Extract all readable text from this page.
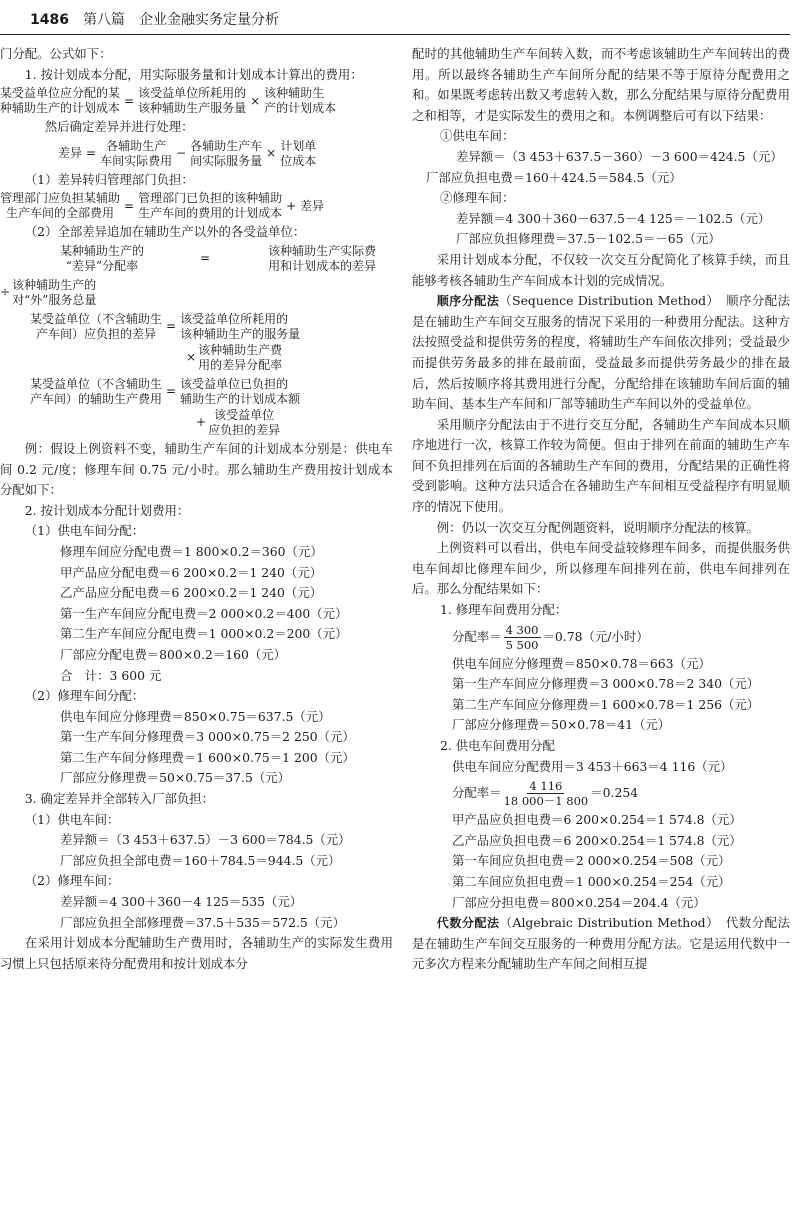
1486 第八篇 企业金融实务定量分析

门分配。公式如下：

1. 按计划成本分配，用实际服务量和计划成本计算出的费用：

某受益单位应分配的某
种辅助生产的计划成本
=
该受益单位所耗用的
该种辅助生产服务量
×
该种辅助生
产的计划成本

然后确定差异并进行处理：

差异 =
各辅助生产
车间实际费用
−
各辅助生产车
间实际服务量
×
计划单
位成本

（1）差异转归管理部门负担：

管理部门应负担某辅助
生产车间的全部费用
=
管理部门已负担的该种辅助
生产车间的费用的计划成本
+ 差异

（2）全部差异追加在辅助生产以外的各受益单位：

某种辅助生产的
“差异”分配率
=
该种辅助生产实际费
用和计划成本的差异
÷
该种辅助生产的
对“外”服务总量
某受益单位（不含辅助生
产车间）应负担的差异
=
该受益单位所耗用的
该种辅助生产的服务量
×
该种辅助生产费
用的差异分配率
某受益单位（不含辅助生
产车间）的辅助生产费用
=
该受益单位已负担的
辅助生产的计划成本额
+
该受益单位
应负担的差异

例：假设上例资料不变，辅助生产车间的计划成本分别是：供电车间 0.2 元/度；修理车间 0.75 元/小时。那么辅助生产费用按计划成本分配如下：

2. 按计划成本分配计划费用：

（1）供电车间分配：

修理车间应分配电费＝1 800×0.2＝360（元）

甲产品应分配电费＝6 200×0.2＝1 240（元）

乙产品应分配电费＝6 200×0.2＝1 240（元）

第一生产车间应分配电费＝2 000×0.2＝400（元）

第二生产车间应分配电费＝1 000×0.2＝200（元）

厂部应分配电费＝800×0.2＝160（元）

合　计：3 600 元

（2）修理车间分配：

供电车间应分修理费＝850×0.75＝637.5（元）

第一生产车间分修理费＝3 000×0.75＝2 250（元）

第二生产车间分修理费＝1 600×0.75＝1 200（元）

厂部应分修理费＝50×0.75＝37.5（元）

3. 确定差异并全部转入厂部负担：

（1）供电车间：

差异额＝（3 453＋637.5）－3 600＝784.5（元）

厂部应负担全部电费＝160＋784.5＝944.5（元）

（2）修理车间：

差异额＝4 300＋360－4 125＝535（元）

厂部应负担全部修理费＝37.5＋535＝572.5（元）

在采用计划成本分配辅助生产费用时，各辅助生产的实际发生费用习惯上只包括原来待分配费用和按计划成本分

配时的其他辅助生产车间转入数，而不考虑该辅助生产车间转出的费用。所以最终各辅助生产车间所分配的结果不等于原待分配费用之和。如果既考虑转出数又考虑转入数，那么分配结果与原待分配费用之和相等，才是实际发生的费用之和。本例调整后可有以下结果：

①供电车间：

差异额＝（3 453＋637.5－360）－3 600＝424.5（元）

厂部应负担电费＝160＋424.5＝584.5（元）

②修理车间：

差异额＝4 300＋360－637.5－4 125＝－102.5（元）

厂部应负担修理费＝37.5－102.5＝－65（元）

采用计划成本分配，不仅较一次交互分配简化了核算手续，而且能够考核各辅助生产车间成本计划的完成情况。

顺序分配法（Sequence Distribution Method）　顺序分配法是在辅助生产车间交互服务的情况下采用的一种费用分配法。这种方法按照受益和提供劳务的程度，将辅助生产车间依次排列；受益最少而提供劳务最多的排在最前面，受益最多而提供劳务最少的排在最后，然后按顺序将其费用进行分配，分配给排在该辅助车间后面的辅助车间、基本生产车间和厂部等辅助生产车间以外的受益单位。

采用顺序分配法由于不进行交互分配，各辅助生产车间成本只顺序地进行一次，核算工作较为简便。但由于排列在前面的辅助生产车间不负担排列在后面的各辅助生产车间的费用，分配结果的正确性将受到影响。这种方法只适合在各辅助生产车间相互受益程序有明显顺序的情况下使用。

例：仍以一次交互分配例题资料，说明顺序分配法的核算。

上例资料可以看出，供电车间受益较修理车间多，而提供服务供电车间却比修理车间少，所以修理车间排列在前，供电车间排列在后。那么分配结果如下：

1. 修理车间费用分配：

分配率＝ 4 300
5 500
＝0.78（元/小时）

供电车间应分修理费＝850×0.78＝663（元）

第一生产车间应分修理费＝3 000×0.78＝2 340（元）

第二生产车间应分修理费＝1 600×0.78＝1 256（元）

厂部应分修理费＝50×0.78＝41（元）

2. 供电车间费用分配

供电车间应分配费用＝3 453＋663＝4 116（元）

分配率＝ 4 116
18 000－1 800
＝0.254

甲产品应负担电费＝6 200×0.254＝1 574.8（元）

乙产品应负担电费＝6 200×0.254＝1 574.8（元）

第一车间应负担电费＝2 000×0.254＝508（元）

第二车间应负担电费＝1 000×0.254＝254（元）

厂部应分担电费＝800×0.254＝204.4（元）

代数分配法（Algebraic Distribution Method）　代数分配法是在辅助生产车间交互服务的一种费用分配方法。它是运用代数中一元多次方程来分配辅助生产车间之间相互提
